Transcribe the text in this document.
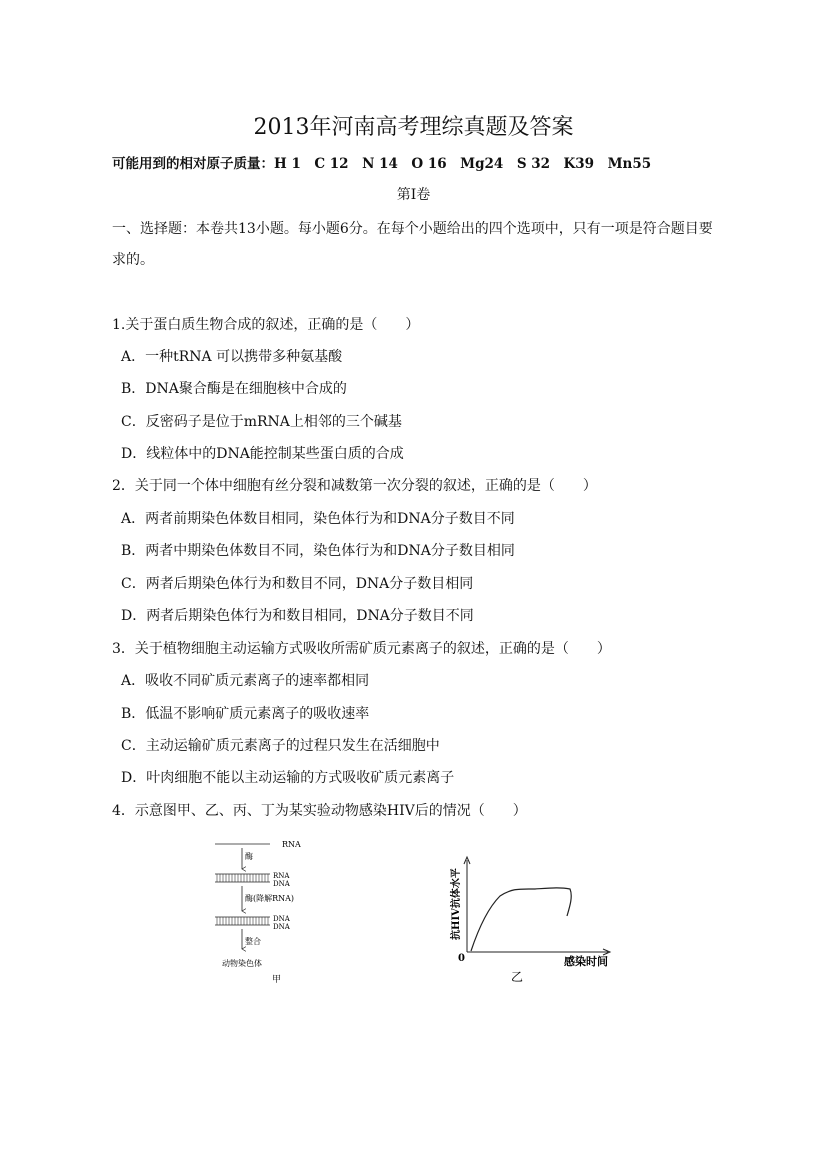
2013年河南高考理综真题及答案
可能用到的相对原子质量：H 1　C 12　N 14　O 16　Mg24　S 32　K39　Mn55
第Ⅰ卷
一、选择题：本卷共13小题。每小题6分。在每个小题给出的四个选项中，只有一项是符合题目要求的。
1.关于蛋白质生物合成的叙述，正确的是（　　）
A．一种tRNA 可以携带多种氨基酸
B．DNA聚合酶是在细胞核中合成的
C．反密码子是位于mRNA上相邻的三个碱基
D．线粒体中的DNA能控制某些蛋白质的合成
2．关于同一个体中细胞有丝分裂和减数第一次分裂的叙述，正确的是（　　）
A．两者前期染色体数目相同，染色体行为和DNA分子数目不同
B．两者中期染色体数目不同，染色体行为和DNA分子数目相同
C．两者后期染色体行为和数目不同，DNA分子数目相同
D．两者后期染色体行为和数目相同，DNA分子数目不同
3．关于植物细胞主动运输方式吸收所需矿质元素离子的叙述，正确的是（　　）
A．吸收不同矿质元素离子的速率都相同
B．低温不影响矿质元素离子的吸收速率
C．主动运输矿质元素离子的过程只发生在活细胞中
D．叶肉细胞不能以主动运输的方式吸收矿质元素离子
4．示意图甲、乙、丙、丁为某实验动物感染HIV后的情况（　　）
RNA
酶
RNA
DNA
酶(降解RNA)
DNA
DNA
整合
动物染色体
甲
抗HIV抗体水平
0	感染时间
乙
